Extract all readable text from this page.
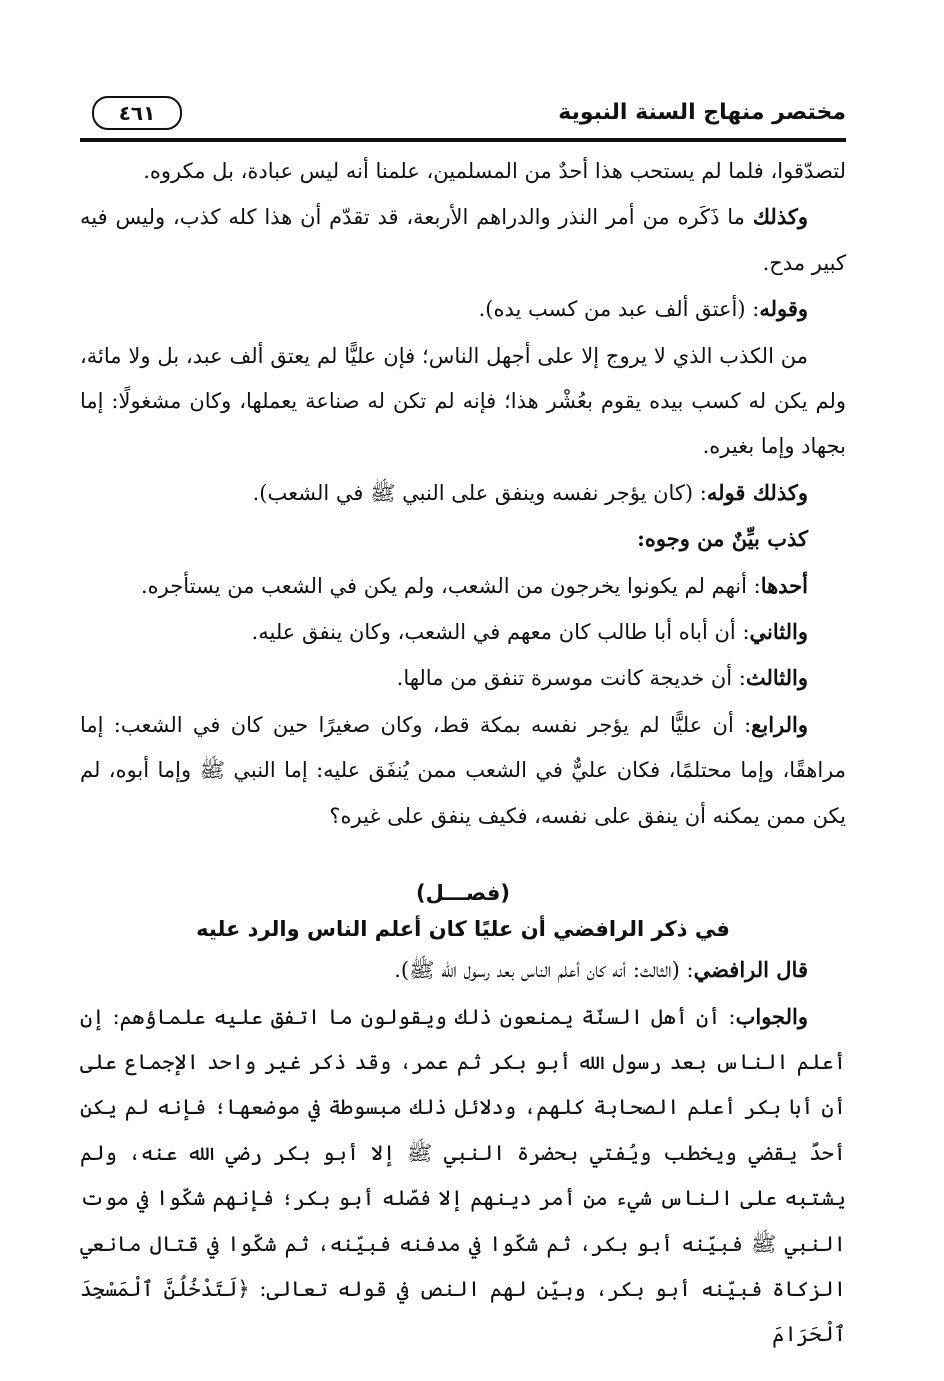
مختصر منهاج السنة النبوية
٤٦١

لتصدّقوا، فلما لم يستحب هذا أحدٌ من المسلمين، علمنا أنه ليس عبادة، بل مكروه.

وكذلك ما ذَكَره من أمر النذر والدراهم الأربعة، قد تقدّم أن هذا كله كذب، وليس فيه كبير مدح.

وقوله: (أعتق ألف عبد من كسب يده).

من الكذب الذي لا يروج إلا على أجهل الناس؛ فإن عليًّا لم يعتق ألف عبد، بل ولا مائة، ولم يكن له كسب بيده يقوم بعُشْر هذا؛ فإنه لم تكن له صناعة يعملها، وكان مشغولًا: إما بجهاد وإما بغيره.

وكذلك قوله: (كان يؤجر نفسه وينفق على النبي ﷺ في الشعب).

كذب بيِّنٌ من وجوه:

أحدها: أنهم لم يكونوا يخرجون من الشعب، ولم يكن في الشعب من يستأجره.

والثاني: أن أباه أبا طالب كان معهم في الشعب، وكان ينفق عليه.

والثالث: أن خديجة كانت موسرة تنفق من مالها.

والرابع: أن عليًّا لم يؤجر نفسه بمكة قط، وكان صغيرًا حين كان في الشعب: إما مراهقًا، وإما محتلمًا، فكان عليٌّ في الشعب ممن يُنفَق عليه: إما النبي ﷺ وإما أبوه، لم يكن ممن يمكنه أن ينفق على نفسه، فكيف ينفق على غيره؟

(فصـــل)

في ذكر الرافضي أن عليًا كان أعلم الناس والرد عليه

قال الرافضي: (الثالث: أنه كان أعلم الناس بعد رسول الله ﷺ).

والجواب: أن أهل السنّة يمنعون ذلك ويقولون ما اتفق عليه علماؤهم: إن أعلم الناس بعد رسول الله أبو بكر ثم عمر، وقد ذكر غير واحد الإجماع على أن أبا بكر أعلم الصحابة كلهم، ودلائل ذلك مبسوطة في موضعها؛ فإنه لم يكن أحدٌ يقضي ويخطب ويُفتي بحضرة النبي ﷺ إلا أبو بكر رضي الله عنه، ولم يشتبه على الناس شيء من أمر دينهم إلا فصّله أبو بكر؛ فإنهم شكّوا في موت النبي ﷺ فبيّنه أبو بكر، ثم شكّوا في مدفنه فبيّنه، ثم شكّوا في قتال مانعي الزكاة فبيّنه أبو بكر، وبيّن لهم النص في قوله تعالى: ﴿لَتَدْخُلُنَّ ٱلْمَسْجِدَ ٱلْحَرَامَ
